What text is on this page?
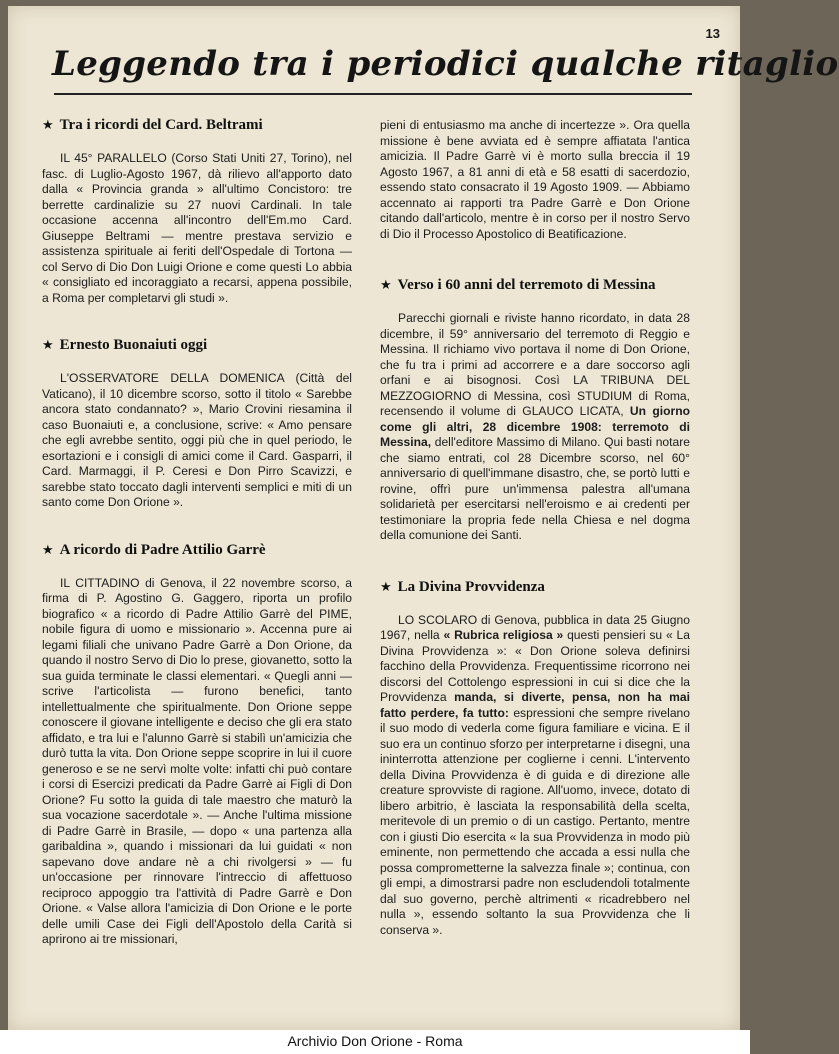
13
Leggendo tra i periodici qualche ritaglio
★ Tra i ricordi del Card. Beltrami

IL 45° PARALLELO (Corso Stati Uniti 27, Torino), nel fasc. di Luglio-Agosto 1967, dà rilievo all'apporto dato dalla « Provincia granda » all'ultimo Concistoro: tre berrette cardinalizie su 27 nuovi Cardinali. In tale occasione accenna all'incontro dell'Em.mo Card. Giuseppe Beltrami — mentre prestava servizio e assistenza spirituale ai feriti dell'Ospedale di Tortona — col Servo di Dio Don Luigi Orione e come questi Lo abbia « consigliato ed incoraggiato a recarsi, appena possibile, a Roma per completarvi gli studi ».

★ Ernesto Buonaiuti oggi

L'OSSERVATORE DELLA DOMENICA (Città del Vaticano), il 10 dicembre scorso, sotto il titolo « Sarebbe ancora stato condannato? », Mario Crovini riesamina il caso Buonaiuti e, a conclusione, scrive: « Amo pensare che egli avrebbe sentito, oggi più che in quel periodo, le esortazioni e i consigli di amici come il Card. Gasparri, il Card. Marmaggi, il P. Ceresi e Don Pirro Scavizzi, e sarebbe stato toccato dagli interventi semplici e miti di un santo come Don Orione ».

★ A ricordo di Padre Attilio Garrè

IL CITTADINO di Genova, il 22 novembre scorso, a firma di P. Agostino G. Gaggero, riporta un profilo biografico « a ricordo di Padre Attilio Garrè del PIME, nobile figura di uomo e missionario ». Accenna pure ai legami filiali che univano Padre Garrè a Don Orione, da quando il nostro Servo di Dio lo prese, giovanetto, sotto la sua guida terminate le classi elementari. « Quegli anni — scrive l'articolista — furono benefici, tanto intellettualmente che spiritualmente. Don Orione seppe conoscere il giovane intelligente e deciso che gli era stato affidato, e tra lui e l'alunno Garrè si stabilì un'amicizia che durò tutta la vita. Don Orione seppe scoprire in lui il cuore generoso e se ne servì molte volte: infatti chi può contare i corsi di Esercizi predicati da Padre Garrè ai Figli di Don Orione? Fu sotto la guida di tale maestro che maturò la sua vocazione sacerdotale ». — Anche l'ultima missione di Padre Garrè in Brasile, — dopo « una partenza alla garibaldina », quando i missionari da lui guidati « non sapevano dove andare nè a chi rivolgersi » — fu un'occasione per rinnovare l'intreccio di affettuoso reciproco appoggio tra l'attività di Padre Garrè e Don Orione. « Valse allora l'amicizia di Don Orione e le porte delle umili Case dei Figli dell'Apostolo della Carità si aprirono ai tre missionari,

pieni di entusiasmo ma anche di incertezze ». Ora quella missione è bene avviata ed è sempre affiatata l'antica amicizia. Il Padre Garrè vi è morto sulla breccia il 19 Agosto 1967, a 81 anni di età e 58 esatti di sacerdozio, essendo stato consacrato il 19 Agosto 1909. — Abbiamo accennato ai rapporti tra Padre Garrè e Don Orione citando dall'articolo, mentre è in corso per il nostro Servo di Dio il Processo Apostolico di Beatificazione.

★ Verso i 60 anni del terremoto di Messina

Parecchi giornali e riviste hanno ricordato, in data 28 dicembre, il 59° anniversario del terremoto di Reggio e Messina. Il richiamo vivo portava il nome di Don Orione, che fu tra i primi ad accorrere e a dare soccorso agli orfani e ai bisognosi. Così LA TRIBUNA DEL MEZZOGIORNO di Messina, così STUDIUM di Roma, recensendo il volume di GLAUCO LICATA, Un giorno come gli altri, 28 dicembre 1908: terremoto di Messina, dell'editore Massimo di Milano. Qui basti notare che siamo entrati, col 28 Dicembre scorso, nel 60° anniversario di quell'immane disastro, che, se portò lutti e rovine, offrì pure un'immensa palestra all'umana solidarietà per esercitarsi nell'eroismo e ai credenti per testimoniare la propria fede nella Chiesa e nel dogma della comunione dei Santi.

★ La Divina Provvidenza

LO SCOLARO di Genova, pubblica in data 25 Giugno 1967, nella « Rubrica religiosa » questi pensieri su « La Divina Provvidenza »: « Don Orione soleva definirsi facchino della Provvidenza. Frequentissime ricorrono nei discorsi del Cottolengo espressioni in cui si dice che la Provvidenza manda, si diverte, pensa, non ha mai fatto perdere, fa tutto: espressioni che sempre rivelano il suo modo di vederla come figura familiare e vicina. E il suo era un continuo sforzo per interpretarne i disegni, una ininterrotta attenzione per coglierne i cenni. L'intervento della Divina Provvidenza è di guida e di direzione alle creature sprovviste di ragione. All'uomo, invece, dotato di libero arbitrio, è lasciata la responsabilità della scelta, meritevole di un premio o di un castigo. Pertanto, mentre con i giusti Dio esercita « la sua Provvidenza in modo più eminente, non permettendo che accada a essi nulla che possa comprometterne la salvezza finale »; continua, con gli empi, a dimostrarsi padre non escludendoli totalmente dal suo governo, perchè altrimenti « ricadrebbero nel nulla », essendo soltanto la sua Provvidenza che li conserva ».

Archivio Don Orione - Roma
